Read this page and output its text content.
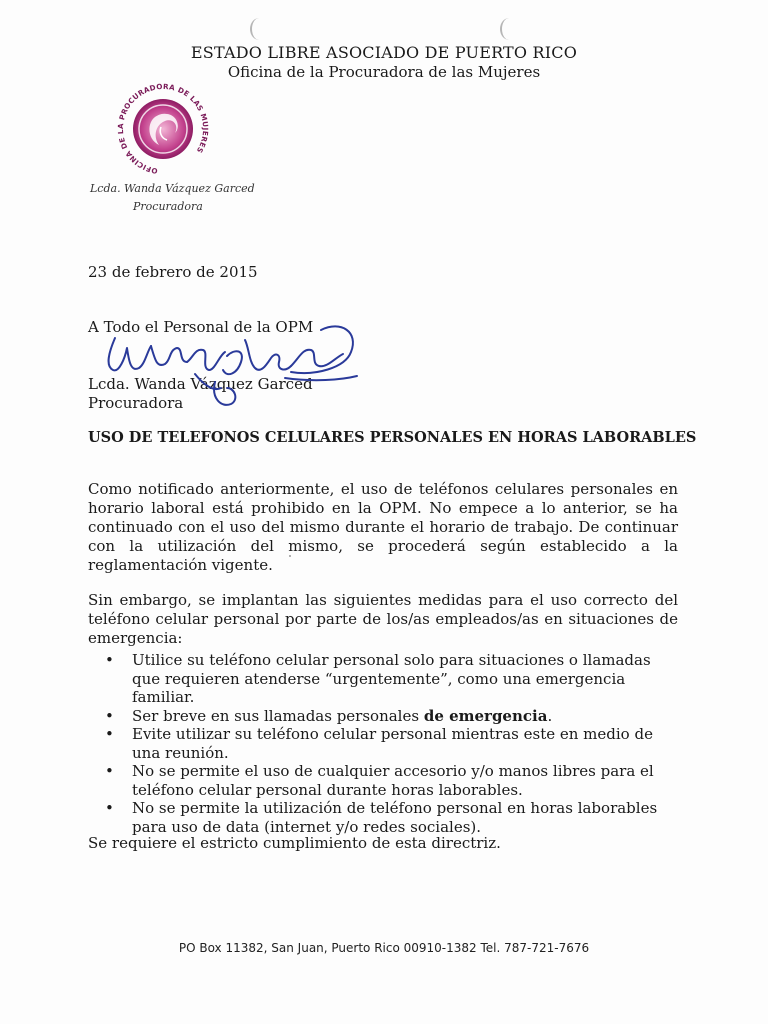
ESTADO LIBRE ASOCIADO DE PUERTO RICO
Oficina de la Procuradora de las Mujeres
OFICINA DE LA PROCURADORA DE LAS MUJERES
Lcda. Wanda Vázquez Garced
Procuradora
23 de febrero de 2015
A Todo el Personal de la OPM
Lcda. Wanda Vázquez Garced
Procuradora
USO DE TELEFONOS CELULARES PERSONALES EN HORAS LABORABLES

Como notificado anteriormente, el uso de teléfonos celulares personales en horario laboral está prohibido en la OPM. No empece a lo anterior, se ha continuado con el uso del mismo durante el horario de trabajo. De continuar con la utilización del mismo, se procederá según establecido a la reglamentación vigente.

Sin embargo, se implantan las siguientes medidas para el uso correcto del teléfono celular personal por parte de los/as empleados/as en situaciones de emergencia:

• Utilice su teléfono celular personal solo para situaciones o llamadas que requieren atenderse “urgentemente”, como una emergencia familiar.
• Ser breve en sus llamadas personales de emergencia.
• Evite utilizar su teléfono celular personal mientras este en medio de una reunión.
• No se permite el uso de cualquier accesorio y/o manos libres para el teléfono celular personal durante horas laborables.
• No se permite la utilización de teléfono personal en horas laborables para uso de data (internet y/o redes sociales).
Se requiere el estricto cumplimiento de esta directriz.
PO Box 11382, San Juan, Puerto Rico 00910-1382 Tel. 787-721-7676
